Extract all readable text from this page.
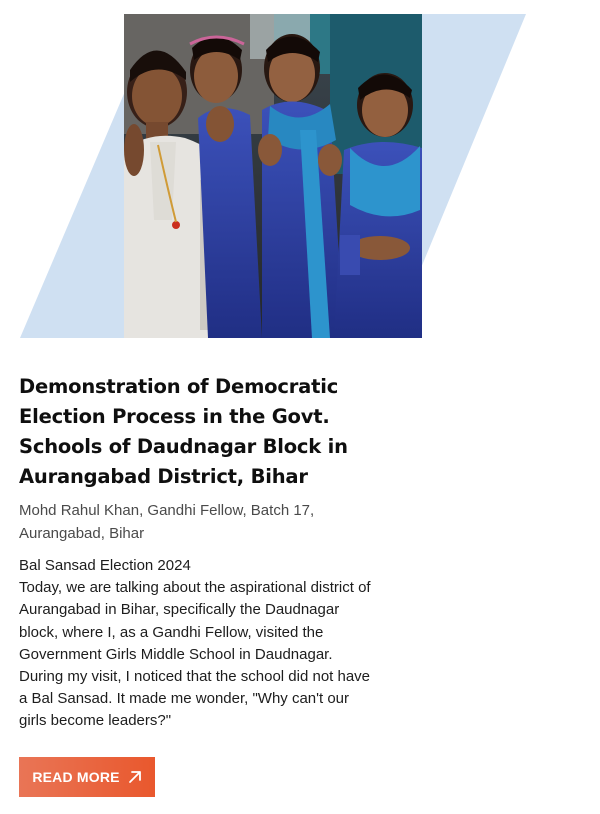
Demonstration of Democratic Election Process in the Govt. Schools of Daudnagar Block in Aurangabad District, Bihar

Mohd Rahul Khan, Gandhi Fellow, Batch 17, Aurangabad, Bihar

Bal Sansad Election 2024
Today, we are talking about the aspirational district of Aurangabad in Bihar, specifically the Daudnagar block, where I, as a Gandhi Fellow, visited the Government Girls Middle School in Daudnagar. During my visit, I noticed that the school did not have a Bal Sansad. It made me wonder, "Why can't our girls become leaders?"

READ MORE
